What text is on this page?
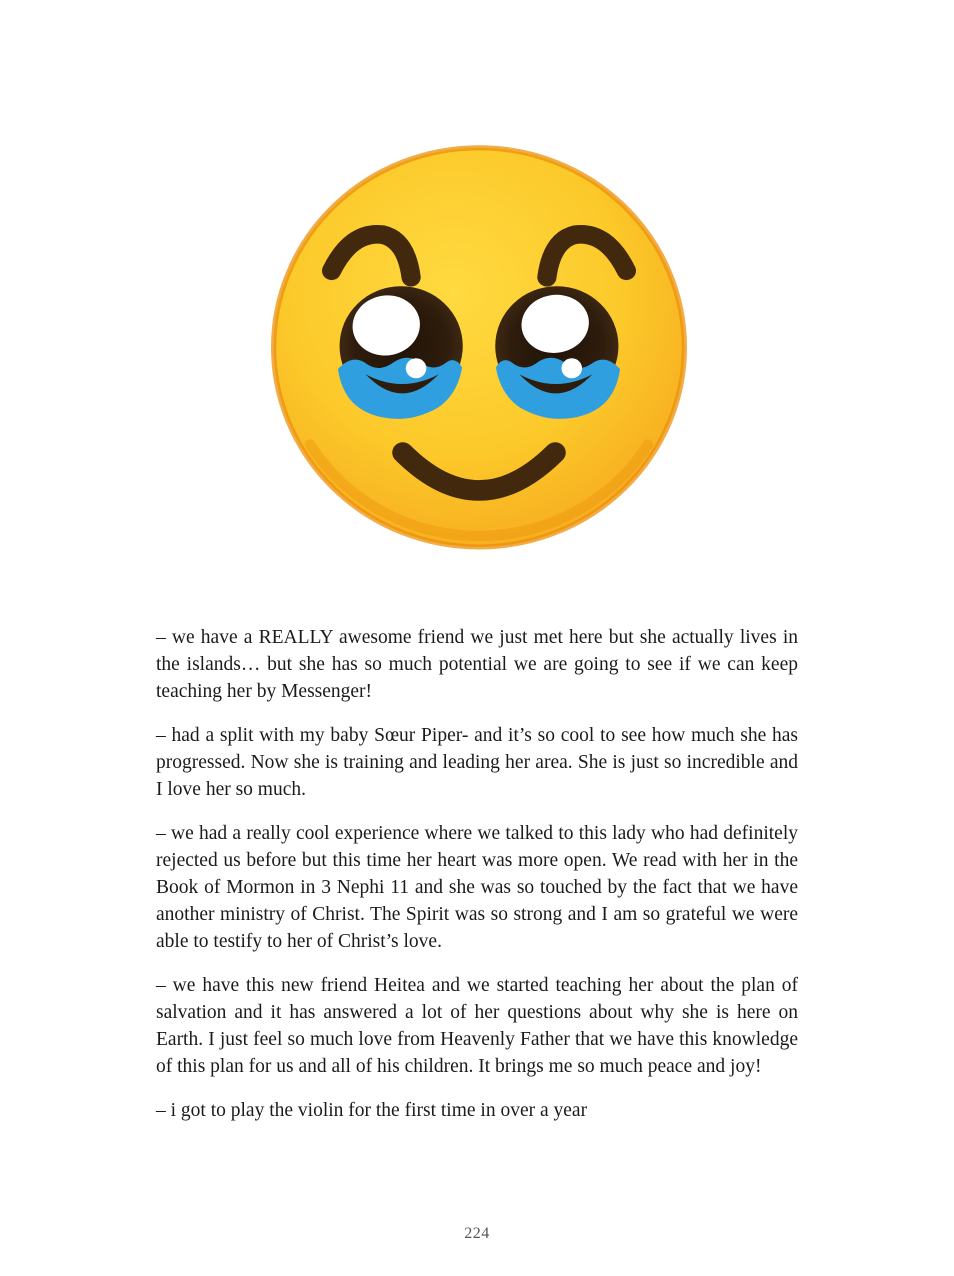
– we have a REALLY awesome friend we just met here but she actually lives in the islands… but she has so much potential we are going to see if we can keep teaching her by Messenger!

– had a split with my baby Sœur Piper- and it’s so cool to see how much she has progressed. Now she is training and leading her area. She is just so incredible and I love her so much.

– we had a really cool experience where we talked to this lady who had definitely rejected us before but this time her heart was more open. We read with her in the Book of Mormon in 3 Nephi 11 and she was so touched by the fact that we have another ministry of Christ. The Spirit was so strong and I am so grateful we were able to testify to her of Christ’s love.

– we have this new friend Heitea and we started teaching her about the plan of salvation and it has answered a lot of her questions about why she is here on Earth. I just feel so much love from Heavenly Father that we have this knowledge of this plan for us and all of his children. It brings me so much peace and joy!

– i got to play the violin for the first time in over a year

224
